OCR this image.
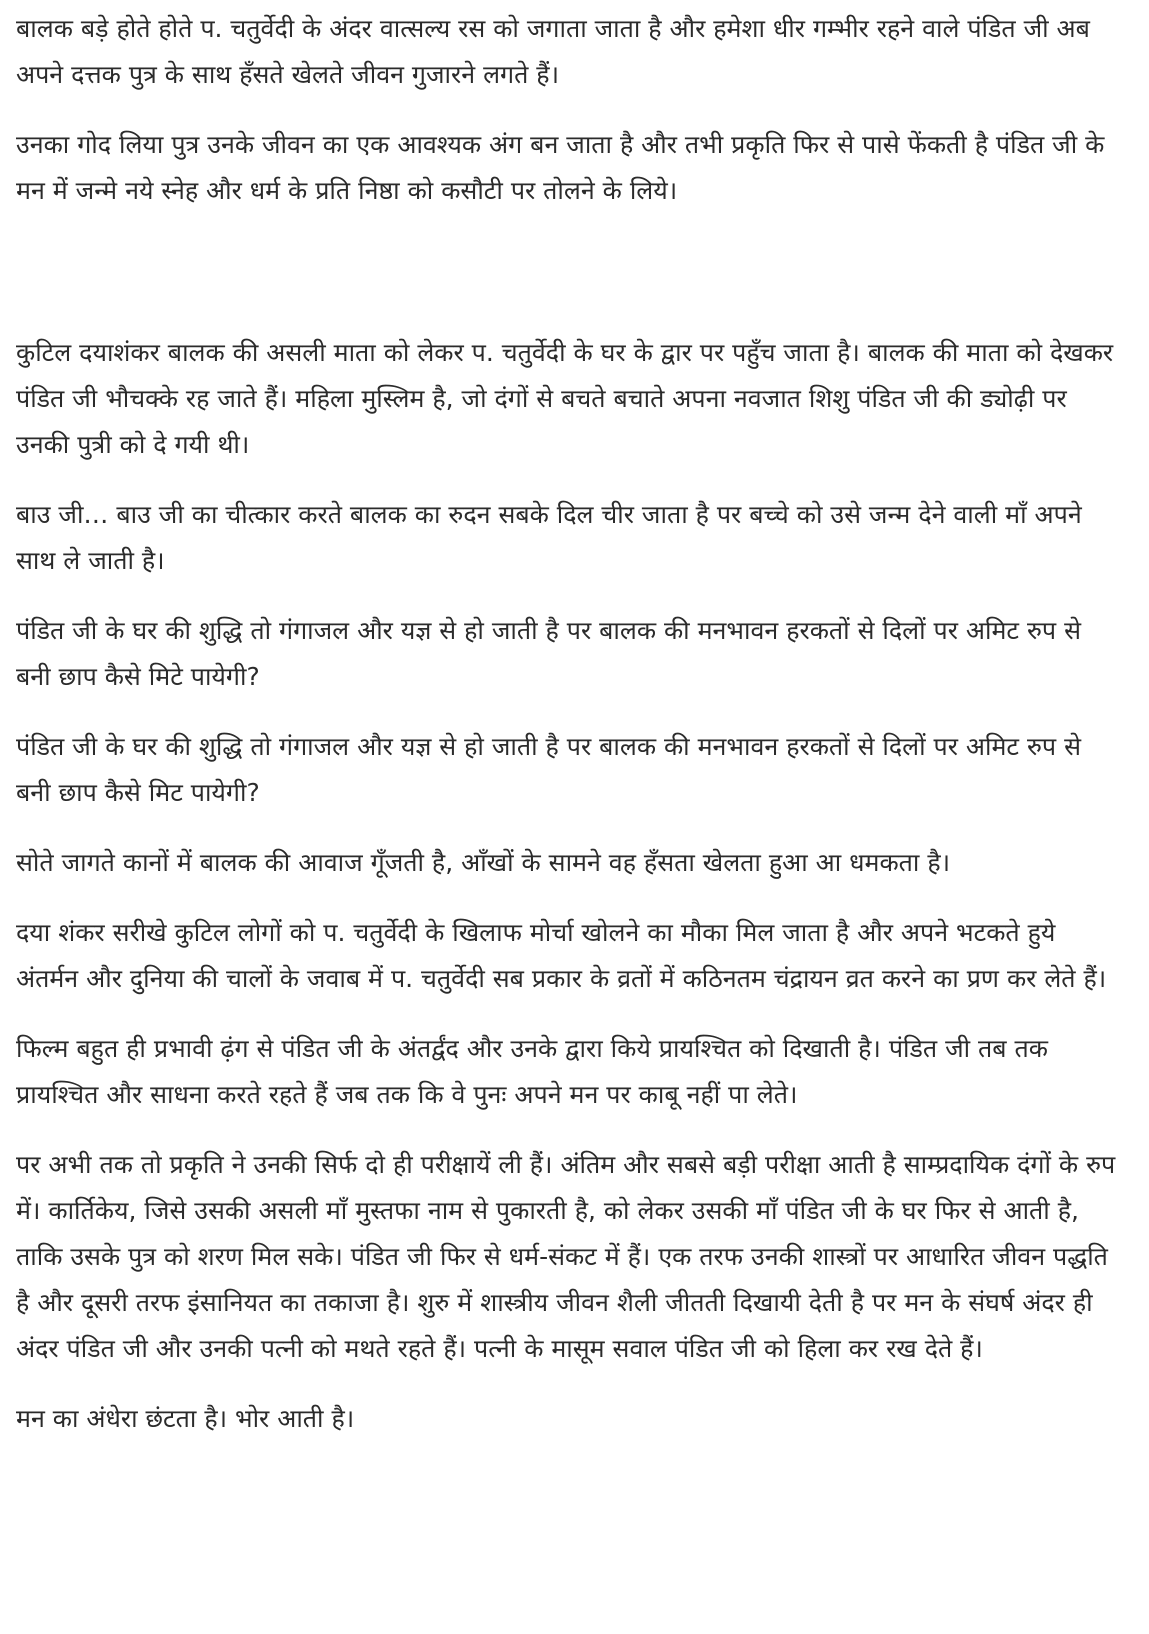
बालक बड़े होते होते प. चतुर्वेदी के अंदर वात्सल्य रस को जगाता जाता है और हमेशा धीर गम्भीर रहने वाले पंडित जी अब अपने दत्तक पुत्र के साथ हँसते खेलते जीवन गुजारने लगते हैं।

उनका गोद लिया पुत्र उनके जीवन का एक आवश्यक अंग बन जाता है और तभी प्रकृति फिर से पासे फेंकती है पंडित जी के मन में जन्मे नये स्नेह और धर्म के प्रति निष्ठा को कसौटी पर तोलने के लिये।

कुटिल दयाशंकर बालक की असली माता को लेकर प. चतुर्वेदी के घर के द्वार पर पहुँच जाता है। बालक की माता को देखकर पंडित जी भौचक्के रह जाते हैं। महिला मुस्लिम है, जो दंगों से बचते बचाते अपना नवजात शिशु पंडित जी की ड्योढ़ी पर उनकी पुत्री को दे गयी थी।

बाउ जी… बाउ जी का चीत्कार करते बालक का रुदन सबके दिल चीर जाता है पर बच्चे को उसे जन्म देने वाली माँ अपने साथ ले जाती है।

पंडित जी के घर की शुद्धि तो गंगाजल और यज्ञ से हो जाती है पर बालक की मनभावन हरकतों से दिलों पर अमिट रुप से बनी छाप कैसे मिटे पायेगी?

पंडित जी के घर की शुद्धि तो गंगाजल और यज्ञ से हो जाती है पर बालक की मनभावन हरकतों से दिलों पर अमिट रुप से बनी छाप कैसे मिट पायेगी?

सोते जागते कानों में बालक की आवाज गूँजती है, आँखों के सामने वह हँसता खेलता हुआ आ धमकता है।

दया शंकर सरीखे कुटिल लोगों को प. चतुर्वेदी के खिलाफ मोर्चा खोलने का मौका मिल जाता है और अपने भटकते हुये अंतर्मन और दुनिया की चालों के जवाब में प. चतुर्वेदी सब प्रकार के व्रतों में कठिनतम चंद्रायन व्रत करने का प्रण कर लेते हैं।

फिल्म बहुत ही प्रभावी ढ़ंग से पंडित जी के अंतर्द्वंद और उनके द्वारा किये प्रायश्चित को दिखाती है। पंडित जी तब तक प्रायश्चित और साधना करते रहते हैं जब तक कि वे पुनः अपने मन पर काबू नहीं पा लेते।

पर अभी तक तो प्रकृति ने उनकी सिर्फ दो ही परीक्षायें ली हैं। अंतिम और सबसे बड़ी परीक्षा आती है साम्प्रदायिक दंगों के रुप में। कार्तिकेय, जिसे उसकी असली माँ मुस्तफा नाम से पुकारती है, को लेकर उसकी माँ पंडित जी के घर फिर से आती है, ताकि उसके पुत्र को शरण मिल सके। पंडित जी फिर से धर्म-संकट में हैं। एक तरफ उनकी शास्त्रों पर आधारित जीवन पद्धति है और दूसरी तरफ इंसानियत का तकाजा है। शुरु में शास्त्रीय जीवन शैली जीतती दिखायी देती है पर मन के संघर्ष अंदर ही अंदर पंडित जी और उनकी पत्नी को मथते रहते हैं। पत्नी के मासूम सवाल पंडित जी को हिला कर रख देते हैं।

मन का अंधेरा छंटता है। भोर आती है।
